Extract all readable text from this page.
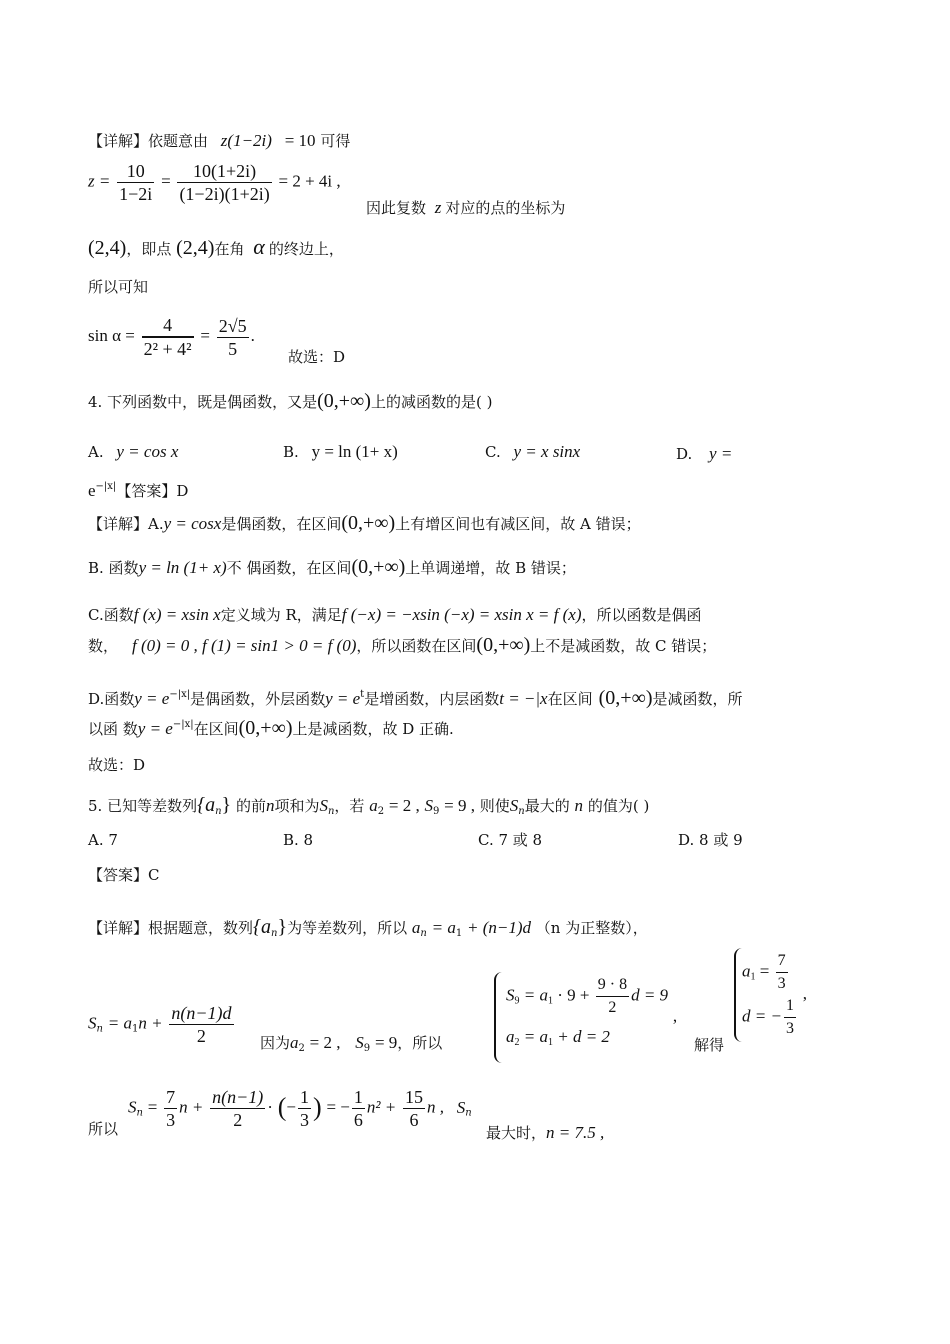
【详解】依题意由 z(1−2i) = 10 可得
$z = \frac{10}{1-2i} = \frac{10(1+2i)}{(1-2i)(1+2i)} = 2 + 4i$ ,
因此复数 z 对应的点的坐标为
(2,4)，即点 (2,4)在角 α 的终边上，
所以可知
$\sin \alpha = \frac{4}{\text{2² + 4²}} = \frac{2√5}{5}$ .
故选：D
4. 下列函数中，既是偶函数，又是(0,+∞)上的减函数的是( )
A. y = cos x	B. y = ln (1+ x)	C. y = x sinx	D. y =
$e^{-|x|}$【答案】D
【详解】A.y = cosx是偶函数，在区间(0,+∞)上有增区间也有减区间，故 A 错误；
B. 函数y = ln (1+ x)不 偶函数，在区间(0,+∞)上单调递增，故 B 错误；
C.函数f (x) = xsin x定义域为 R，满足f (−x) = −xsin (−x) = xsin x = f (x)，所以函数是偶函
数， f (0) = 0 , f (1) = sin1 > 0 = f (0)，所以函数在区间(0,+∞)上不是减函数，故 C 错误；
D.函数$y = e^{-|x|}$是偶函数，外层函数$y = e^t$是增函数，内层函数t = −|x在区间 (0,+∞)是减函数，所
以函 数$y = e^{-|x|}$在区间(0,+∞)上是减函数，故 D 正确.
故选：D
5. 已知等差数列$\{a_n\}$ 的前n项和为$S_n$，若 $a_2 = 2$ , $S_9 = 9$ , 则使$S_n$最大的 n 的值为( )
A. 7	B. 8	C. 7 或 8	D. 8 或 9
【答案】C
【详解】根据题意，数列$\{a_n\}$为等差数列，所以 $a_n = a_1 + (n-1)d$ （n 为正整数），
$S_n = a_1n + \frac{n(n-1)d}{2}$ 因为$a_2 = 2$ , $S_9 = 9$，所以
$S_9 = a_1 \cdot 9 + \frac{9 \cdot 8}{2}$ d = 9
$a_2 = a_1 + d = 2$
,
解得
$a_1 = \frac{7}{3}$
d = − $\frac{1}{3}$
,
所以
$S_n = \frac{7}{3}$ $n + \frac{n(n-1)}{2}$ · (− $\frac{1}{3}$ ) = − $\frac{1}{6} n^2 + \frac{15}{6}$ n , $S_n$
最大时，n = 7.5 ,
